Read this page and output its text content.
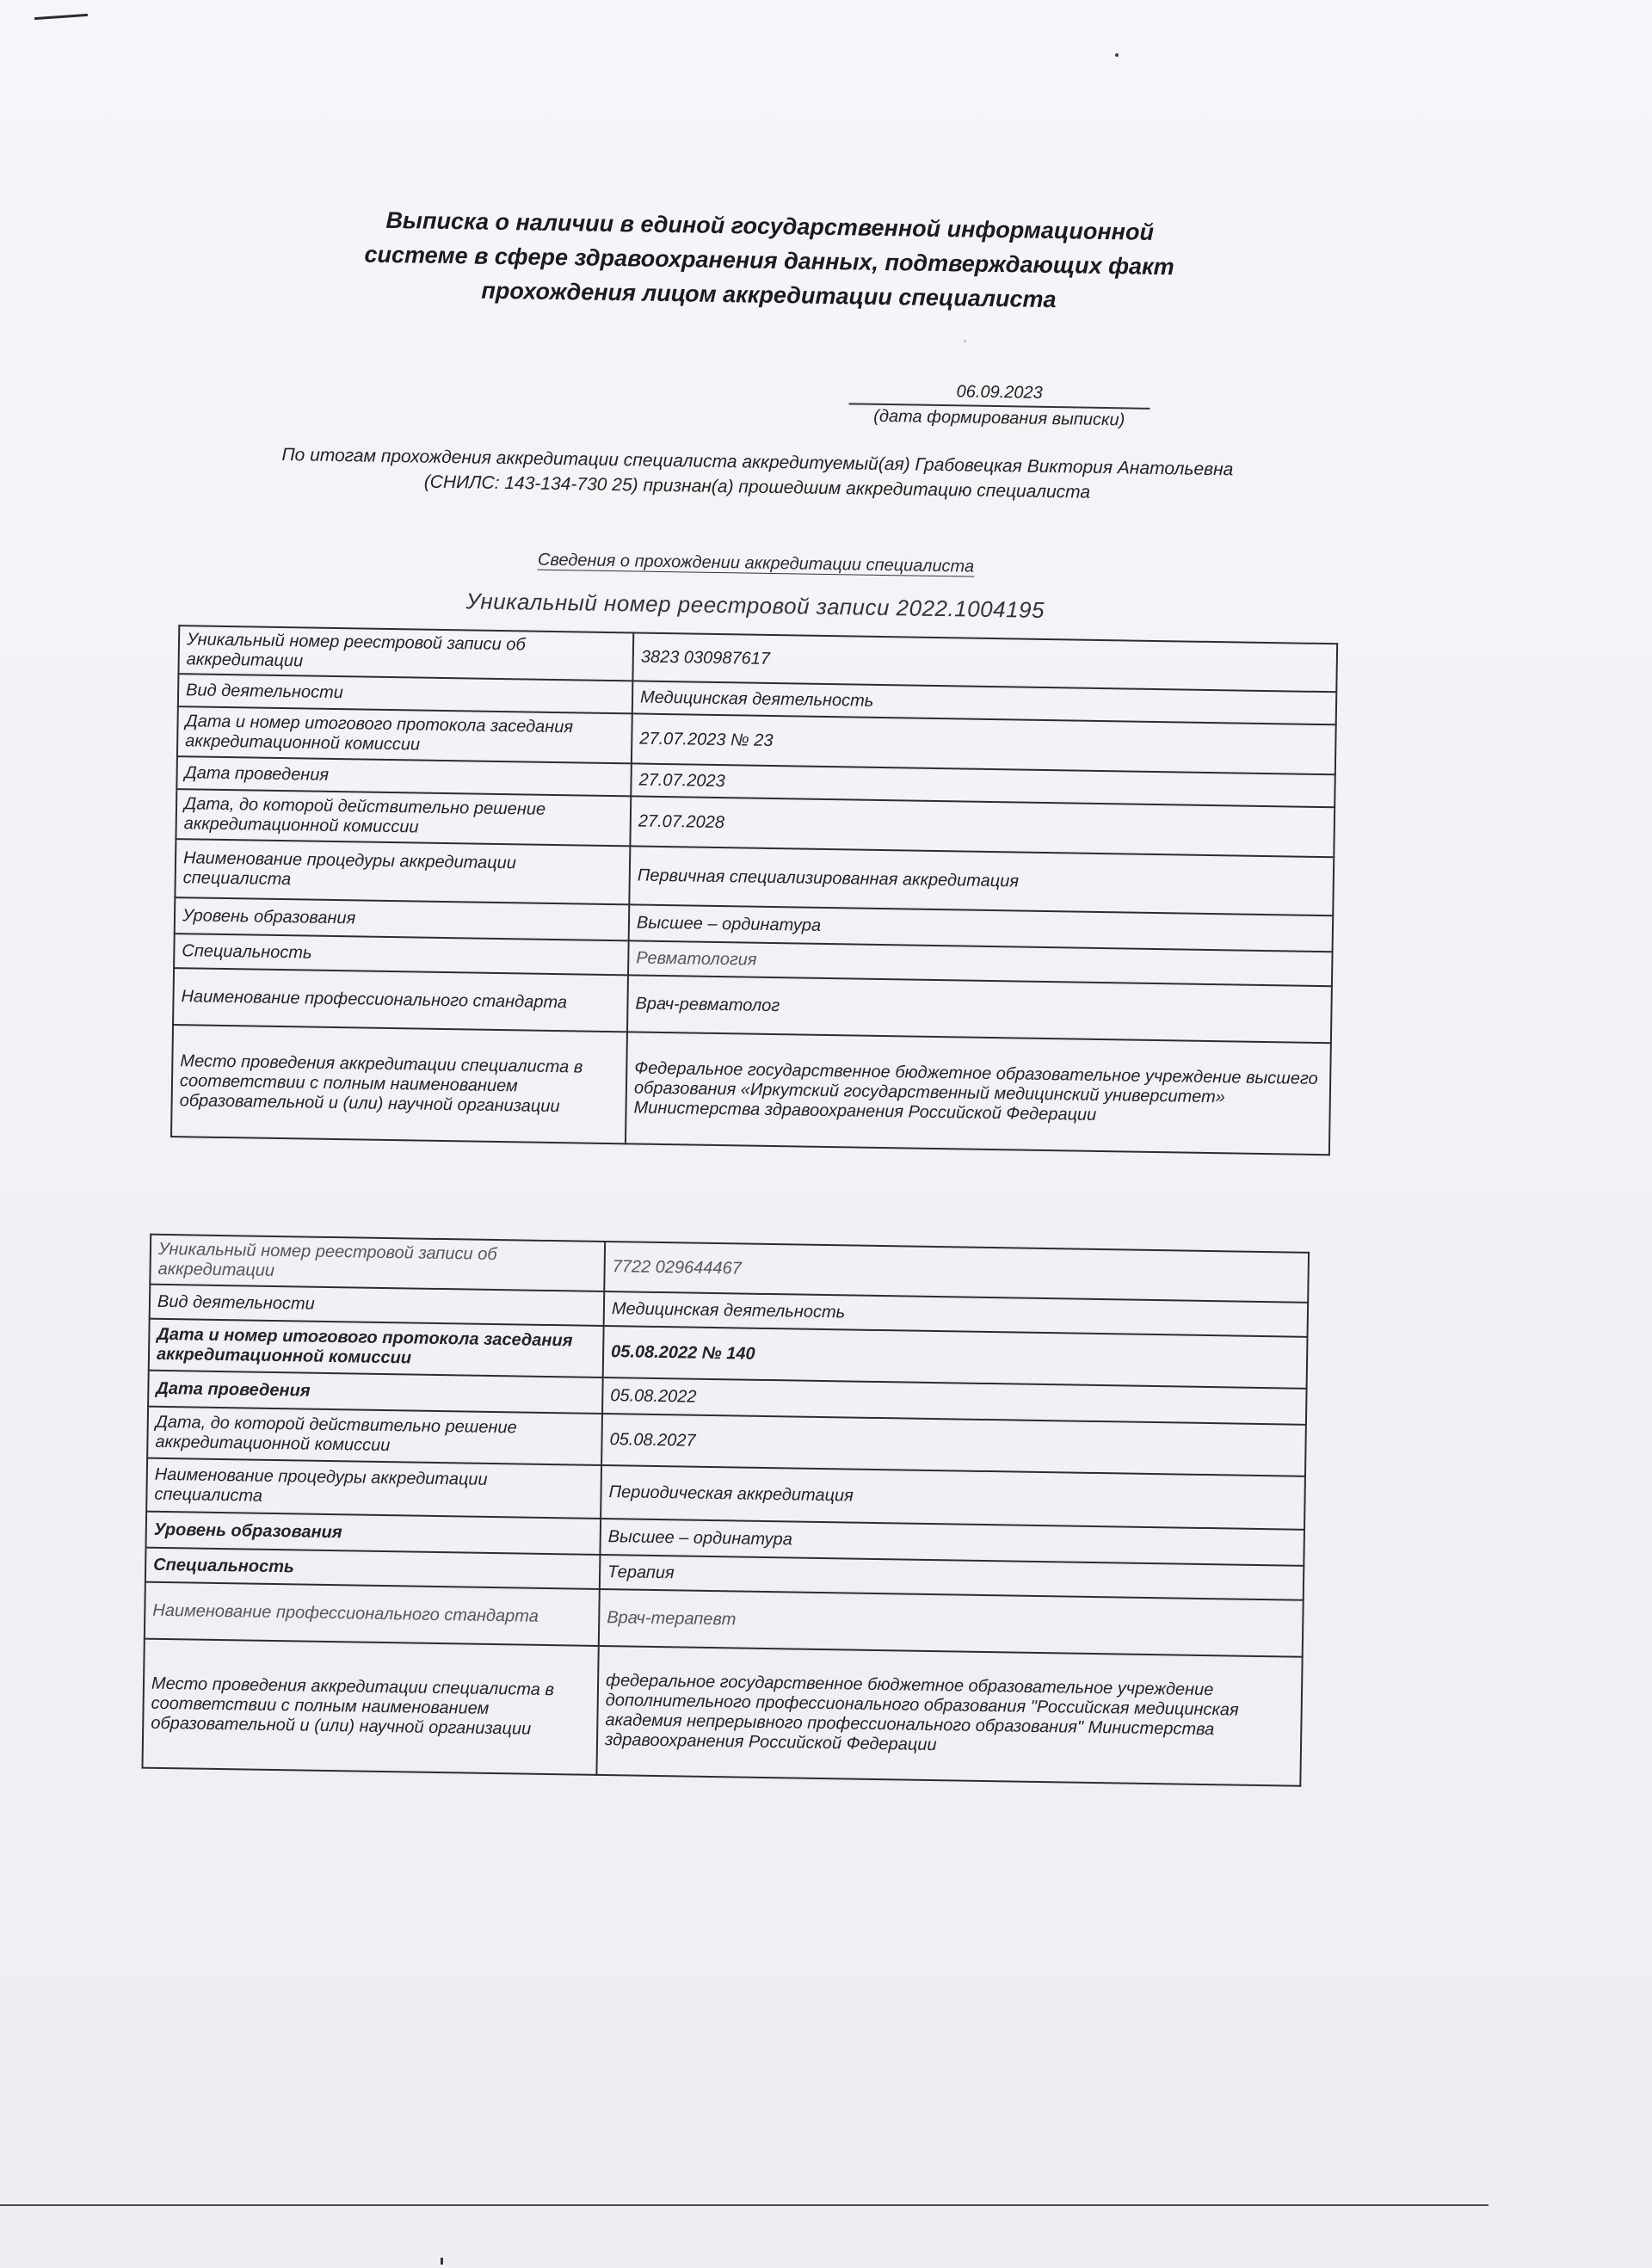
Выписка о наличии в единой государственной информационной
системе в сфере здравоохранения данных, подтверждающих факт
прохождения лицом аккредитации специалиста
06.09.2023
(дата формирования выписки)
По итогам прохождения аккредитации специалиста аккредитуемый(ая) Грабовецкая Виктория Анатольевна
(СНИЛС: 143-134-730 25) признан(а) прошедшим аккредитацию специалиста
Сведения о прохождении аккредитации специалиста
Уникальный номер реестровой записи 2022.1004195
Уникальный номер реестровой записи об аккредитации	3823 030987617
Вид деятельности	Медицинская деятельность
Дата и номер итогового протокола заседания аккредитационной комиссии	27.07.2023 № 23
Дата проведения	27.07.2023
Дата, до которой действительно решение аккредитационной комиссии	27.07.2028
Наименование процедуры аккредитации специалиста	Первичная специализированная аккредитация
Уровень образования	Высшее – ординатура
Специальность	Ревматология
Наименование профессионального стандарта	Врач-ревматолог
Место проведения аккредитации специалиста в соответствии с полным наименованием образовательной и (или) научной организации	Федеральное государственное бюджетное образовательное учреждение высшего образования «Иркутский государственный медицинский университет» Министерства здравоохранения Российской Федерации
Уникальный номер реестровой записи об аккредитации	7722 029644467
Вид деятельности	Медицинская деятельность
Дата и номер итогового протокола заседания аккредитационной комиссии	05.08.2022 № 140
Дата проведения	05.08.2022
Дата, до которой действительно решение аккредитационной комиссии	05.08.2027
Наименование процедуры аккредитации специалиста	Периодическая аккредитация
Уровень образования	Высшее – ординатура
Специальность	Терапия
Наименование профессионального стандарта	Врач-терапевт
Место проведения аккредитации специалиста в соответствии с полным наименованием образовательной и (или) научной организации	федеральное государственное бюджетное образовательное учреждение дополнительного профессионального образования "Российская медицинская академия непрерывного профессионального образования" Министерства здравоохранения Российской Федерации
